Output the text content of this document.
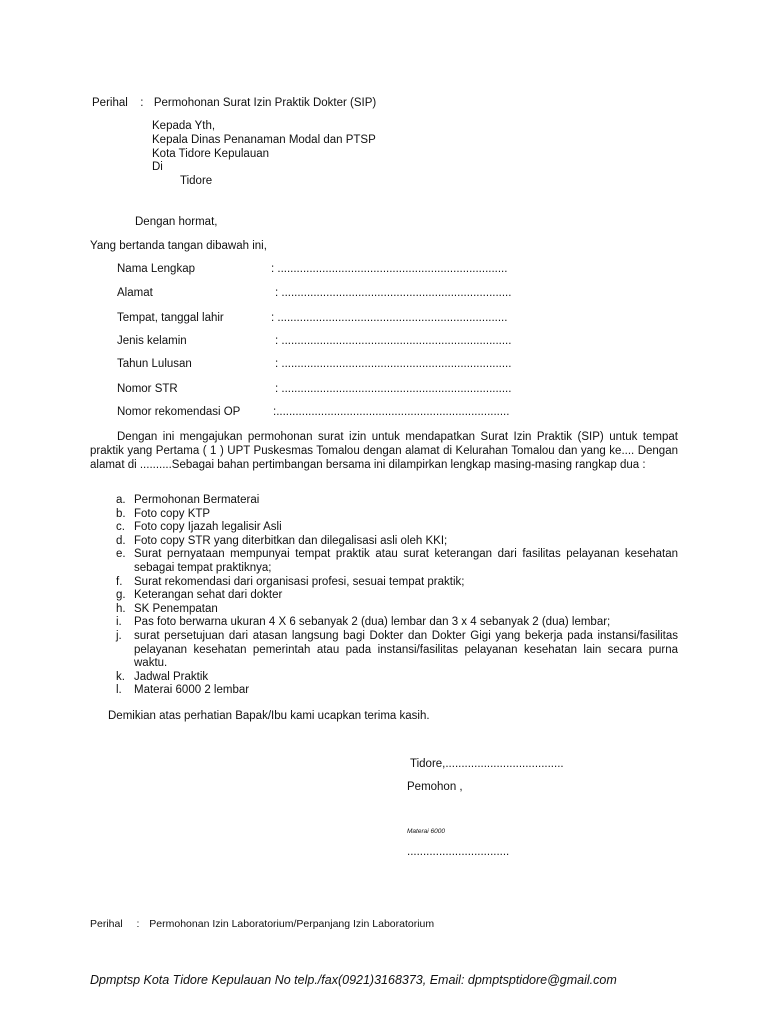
Perihal : Permohonan Surat Izin Praktik Dokter (SIP)
Kepada Yth,
Kepala Dinas Penanaman Modal dan PTSP
Kota Tidore Kepulauan
Di
Tidore
Dengan hormat,
Yang bertanda tangan dibawah ini,
Nama Lengkap	: ........................................................................
Alamat	: ........................................................................
Tempat, tanggal lahir	: ........................................................................
Jenis kelamin	: ........................................................................
Tahun Lulusan	: ........................................................................
Nomor STR	: ........................................................................
Nomor rekomendasi OP	:.........................................................................
Dengan ini mengajukan permohonan surat izin untuk mendapatkan Surat Izin Praktik (SIP) untuk tempat praktik yang Pertama ( 1 ) UPT Puskesmas Tomalou dengan alamat di Kelurahan Tomalou dan yang ke.... Dengan alamat di ..........Sebagai bahan pertimbangan bersama ini dilampirkan lengkap masing-masing rangkap dua :
a. Permohonan Bermaterai
b. Foto copy KTP
c. Foto copy Ijazah legalisir Asli
d. Foto copy STR yang diterbitkan dan dilegalisasi asli oleh KKI;
e. Surat pernyataan mempunyai tempat praktik atau surat keterangan dari fasilitas pelayanan kesehatan sebagai tempat praktiknya;
f.	Surat rekomendasi dari organisasi profesi, sesuai tempat praktik;
g. Keterangan sehat dari dokter
h. SK Penempatan
i.	Pas foto berwarna ukuran 4 X 6 sebanyak 2 (dua) lembar dan 3 x 4 sebanyak 2 (dua) lembar;
j.	surat persetujuan dari atasan langsung bagi Dokter dan Dokter Gigi yang bekerja pada instansi/fasilitas pelayanan kesehatan pemerintah atau pada instansi/fasilitas pelayanan kesehatan lain secara purna waktu.
k. Jadwal Praktik
l.	Materai 6000 2 lembar
Demikian atas perhatian Bapak/Ibu kami ucapkan terima kasih.
Tidore,.....................................
Pemohon ,
Materai 6000
................................
Perihal : Permohonan Izin Laboratorium/Perpanjang Izin Laboratorium
Dpmptsp Kota Tidore Kepulauan No telp./fax(0921)3168373, Email: dpmptsptidore@gmail.com
